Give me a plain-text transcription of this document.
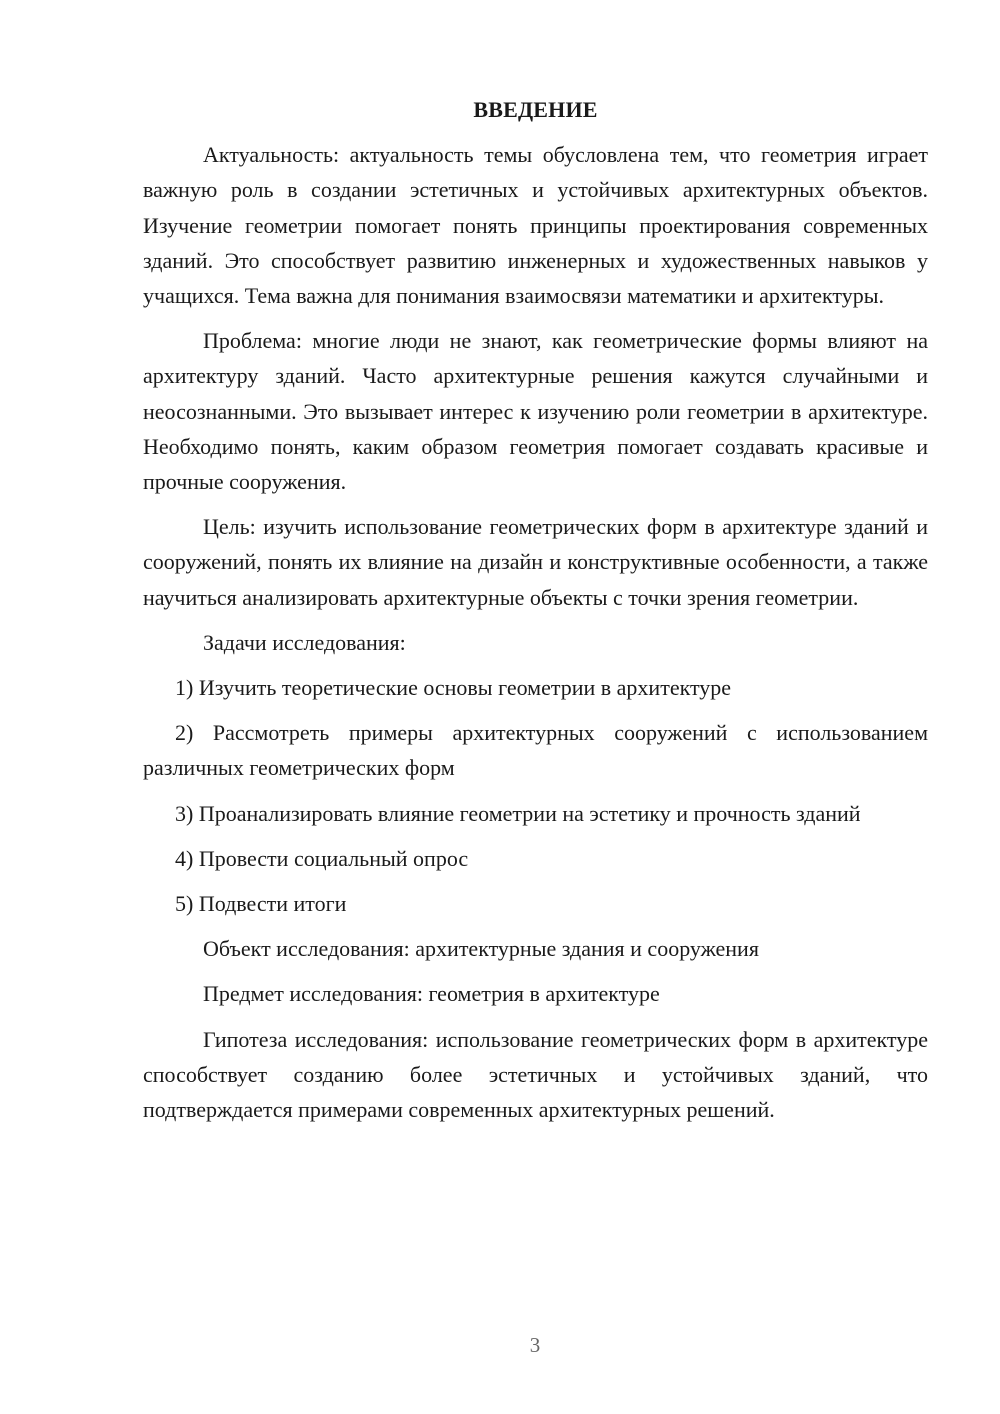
ВВЕДЕНИЕ

Актуальность: актуальность темы обусловлена тем, что геометрия играет важную роль в создании эстетичных и устойчивых архитектурных объектов. Изучение геометрии помогает понять принципы проектирования современных зданий. Это способствует развитию инженерных и художественных навыков у учащихся. Тема важна для понимания взаимосвязи математики и архитектуры.

Проблема: многие люди не знают, как геометрические формы влияют на архитектуру зданий. Часто архитектурные решения кажутся случайными и неосознанными. Это вызывает интерес к изучению роли геометрии в архитектуре. Необходимо понять, каким образом геометрия помогает создавать красивые и прочные сооружения.

Цель: изучить использование геометрических форм в архитектуре зданий и сооружений, понять их влияние на дизайн и конструктивные особенности, а также научиться анализировать архитектурные объекты с точки зрения геометрии.

Задачи исследования:

1) Изучить теоретические основы геометрии в архитектуре

2) Рассмотреть примеры архитектурных сооружений с использованием различных геометрических форм

3) Проанализировать влияние геометрии на эстетику и прочность зданий

4) Провести социальный опрос

5) Подвести итоги

Объект исследования: архитектурные здания и сооружения

Предмет исследования: геометрия в архитектуре

Гипотеза исследования: использование геометрических форм в архитектуре способствует созданию более эстетичных и устойчивых зданий, что подтверждается примерами современных архитектурных решений.

3
